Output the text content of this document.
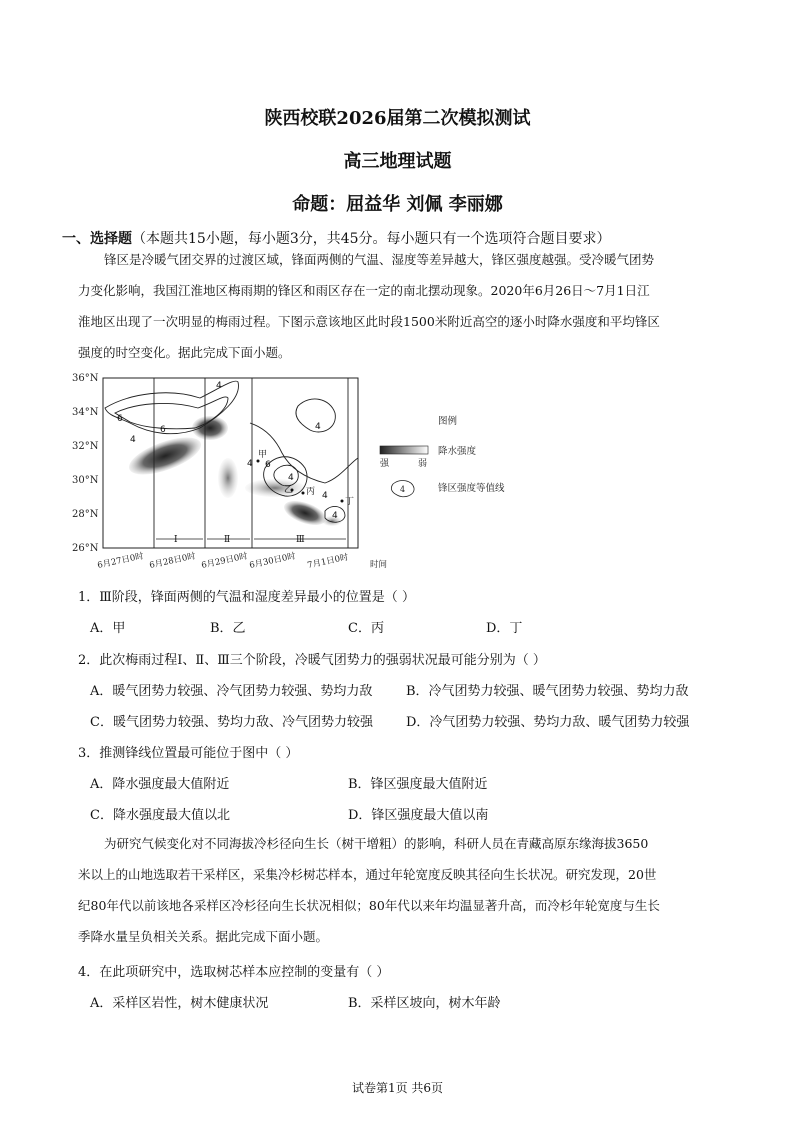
陕西校联2026届第二次模拟测试
高三地理试题
命题：屈益华 刘佩 李丽娜
一、选择题（本题共15小题，每小题3分，共45分。每小题只有一个选项符合题目要求）
锋区是冷暖气团交界的过渡区域，锋面两侧的气温、湿度等差异越大，锋区强度越强。受冷暖气团势
力变化影响，我国江淮地区梅雨期的锋区和雨区存在一定的南北摆动现象。2020年6月26日～7月1日江
淮地区出现了一次明显的梅雨过程。下图示意该地区此时段1500米附近高空的逐小时降水强度和平均锋区
强度的时空变化。据此完成下面小题。
36°N
34°N
32°N
30°N
28°N
26°N
6
4
6
4
4
4
4
4
6
4
甲
乙 丙
丁
Ⅰ	Ⅱ	Ⅲ
6月27日0时 6月28日0时 6月29日0时 6月30日0时 7月1日0时 时间
图例
强	弱
降水强度
4	锋区强度等值线
1．Ⅲ阶段，锋面两侧的气温和湿度差异最小的位置是（ ）
A．甲	B．乙	C．丙	D．丁
2．此次梅雨过程Ⅰ、Ⅱ、Ⅲ三个阶段，冷暖气团势力的强弱状况最可能分别为（ ）
A．暖气团势力较强、冷气团势力较强、势均力敌	B．冷气团势力较强、暖气团势力较强、势均力敌
C．暖气团势力较强、势均力敌、冷气团势力较强	D．冷气团势力较强、势均力敌、暖气团势力较强
3．推测锋线位置最可能位于图中（ ）
A．降水强度最大值附近	B．锋区强度最大值附近
C．降水强度最大值以北	D．锋区强度最大值以南
为研究气候变化对不同海拔冷杉径向生长（树干增粗）的影响，科研人员在青藏高原东缘海拔3650
米以上的山地选取若干采样区，采集冷杉树芯样本，通过年轮宽度反映其径向生长状况。研究发现，20世
纪80年代以前该地各采样区冷杉径向生长状况相似；80年代以来年均温显著升高，而冷杉年轮宽度与生长
季降水量呈负相关关系。据此完成下面小题。
4．在此项研究中，选取树芯样本应控制的变量有（ ）
A．采样区岩性，树木健康状况	B．采样区坡向，树木年龄
试卷第1页 共6页
